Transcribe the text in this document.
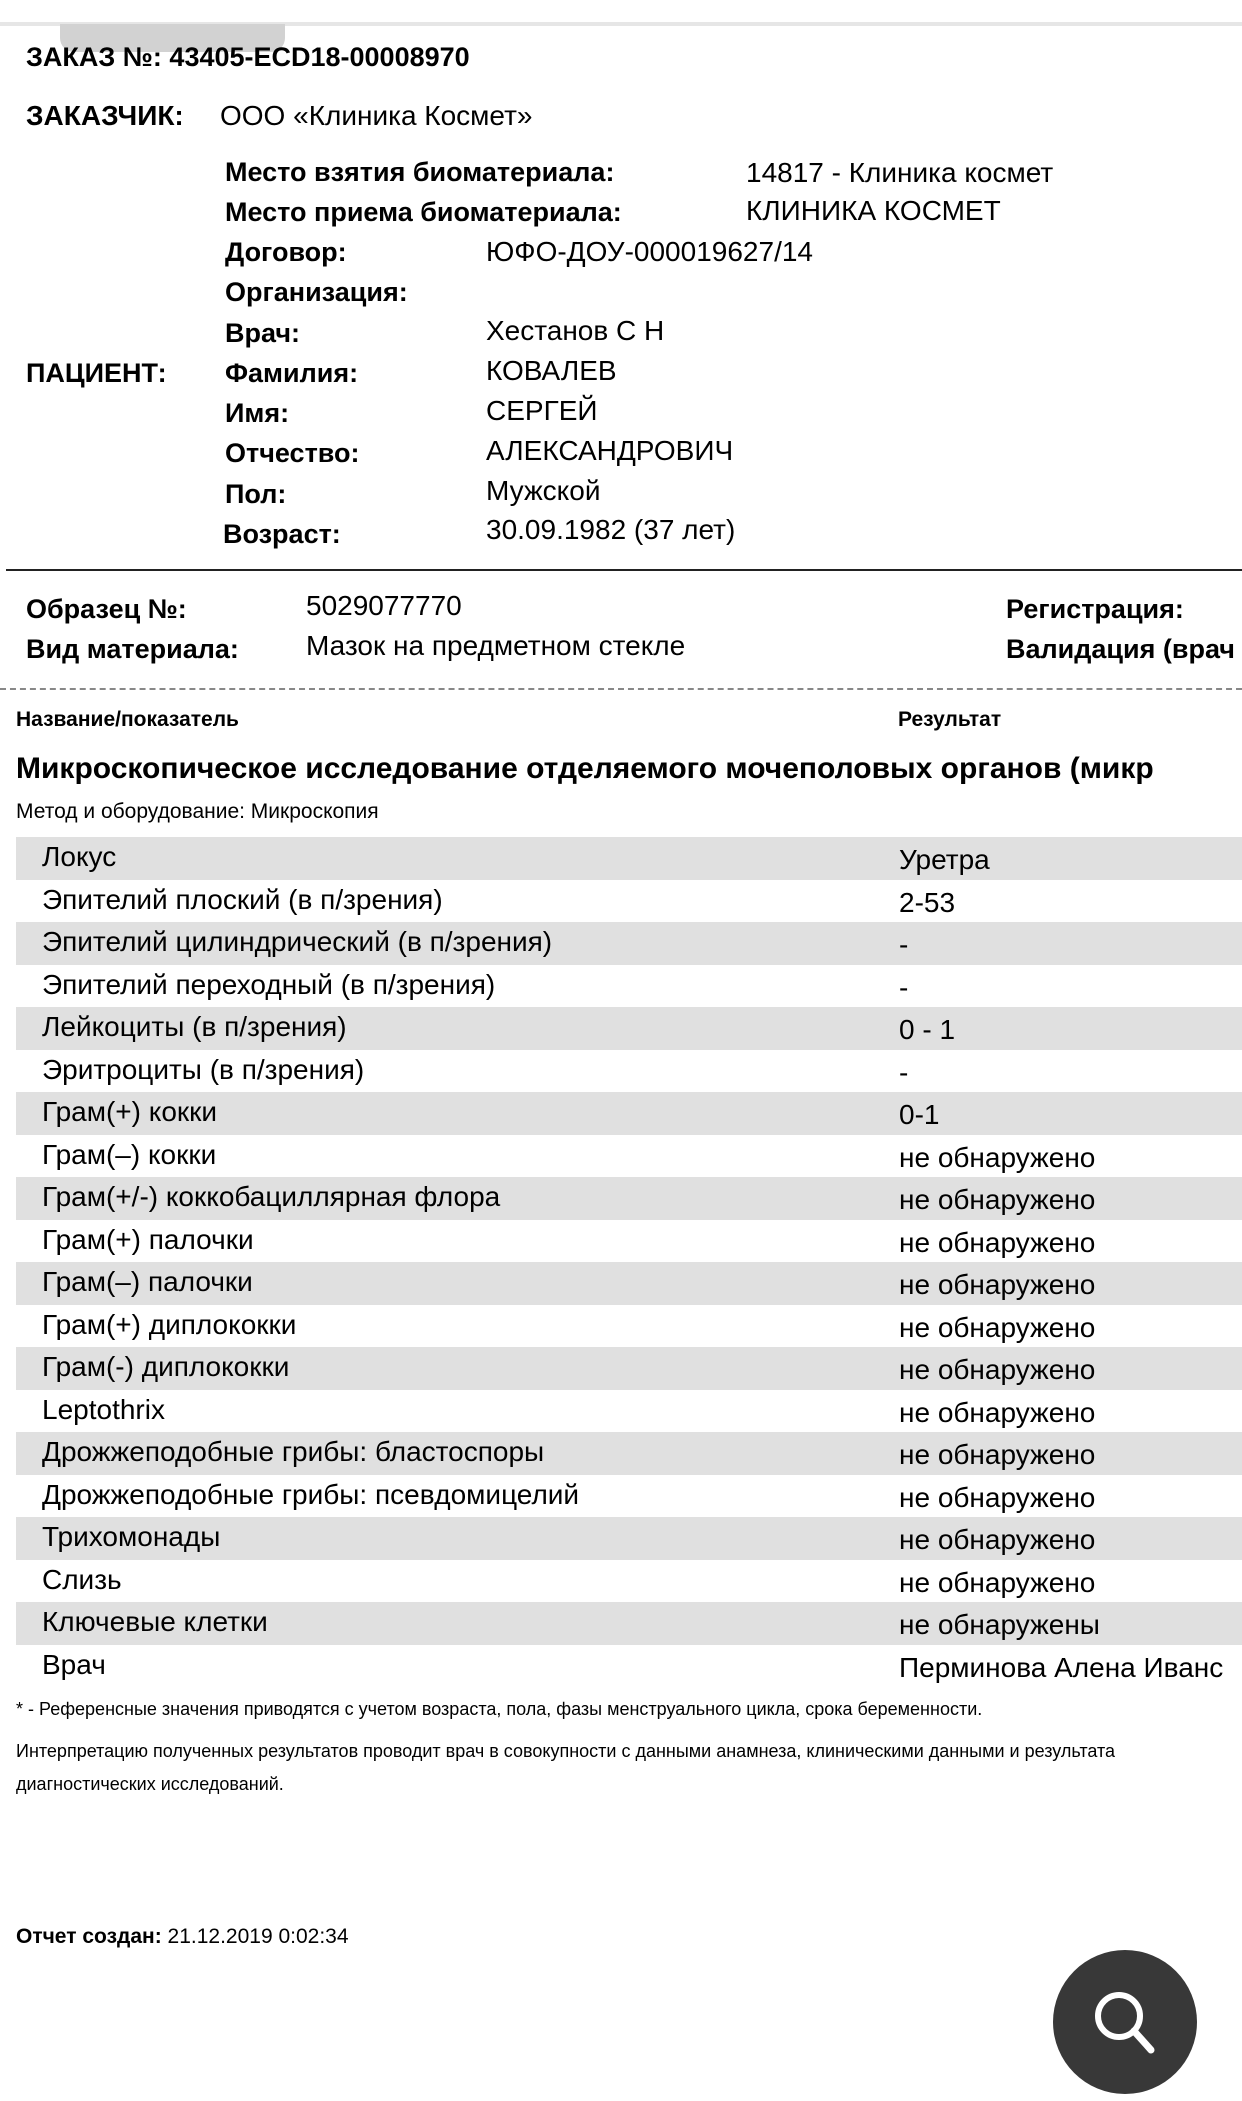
ЗАКАЗ №: 43405-ECD18-00008970
ЗАКАЗЧИК: ООО «Клиника Космет»
Место взятия биоматериала:	14817 - Клиника космет
Место приема биоматериала:	КЛИНИКА КОСМЕТ
Договор:	ЮФО-ДОУ-000019627/14
Организация:
Врач:	Хестанов С Н
ПАЦИЕНТ: Фамилия:	КОВАЛЕВ
Имя:	СЕРГЕЙ
Отчество:	АЛЕКСАНДРОВИЧ
Пол:	Мужской
Возраст:	30.09.1982 (37 лет)
Образец №:	5029077770
Вид материала: Мазок на предметном стекле
Регистрация:
Валидация (врач
Название/показатель	Результат
Микроскопическое исследование отделяемого мочеполовых органов (микр
Метод и оборудование: Микроскопия
Локус	Уретра
Эпителий плоский (в п/зрения)	2-53
Эпителий цилиндрический (в п/зрения)	-
Эпителий переходный (в п/зрения)	-
Лейкоциты (в п/зрения)	0 - 1
Эритроциты (в п/зрения)	-
Грам(+) кокки	0-1
Грам(–) кокки	не обнаружено
Грам(+/-) коккобациллярная флора	не обнаружено
Грам(+) палочки	не обнаружено
Грам(–) палочки	не обнаружено
Грам(+) диплококки	не обнаружено
Грам(-) диплококки	не обнаружено
Leptothrix	не обнаружено
Дрожжеподобные грибы: бластоспоры	не обнаружено
Дрожжеподобные грибы: псевдомицелий	не обнаружено
Трихомонады	не обнаружено
Слизь	не обнаружено
Ключевые клетки	не обнаружены
Врач	Перминова Алена Иванс
* - Референсные значения приводятся с учетом возраста, пола, фазы менструального цикла, срока беременности.
Интерпретацию полученных результатов проводит врач в совокупности с данными анамнеза, клиническими данными и результата
диагностических исследований.
Отчет создан: 21.12.2019 0:02:34
